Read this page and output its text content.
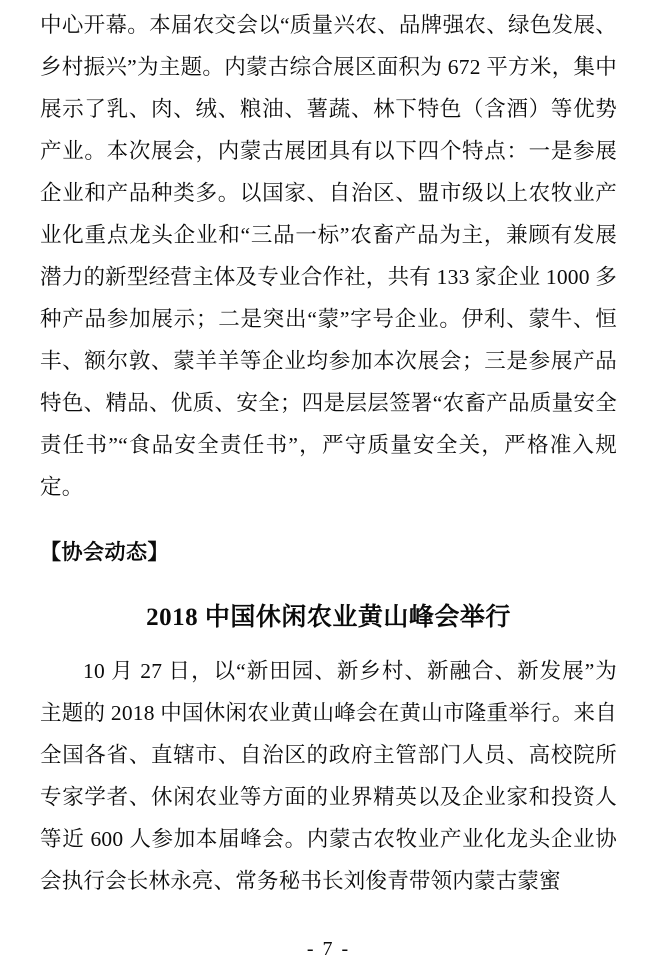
中心开幕。本届农交会以“质量兴农、品牌强农、绿色发展、乡村振兴”为主题。内蒙古综合展区面积为 672 平方米，集中展示了乳、肉、绒、粮油、薯蔬、林下特色（含酒）等优势产业。本次展会，内蒙古展团具有以下四个特点：一是参展企业和产品种类多。以国家、自治区、盟市级以上农牧业产业化重点龙头企业和“三品一标”农畜产品为主，兼顾有发展潜力的新型经营主体及专业合作社，共有 133 家企业 1000 多种产品参加展示；二是突出“蒙”字号企业。伊利、蒙牛、恒丰、额尔敦、蒙羊羊等企业均参加本次展会；三是参展产品特色、精品、优质、安全；四是层层签署“农畜产品质量安全责任书”“食品安全责任书”，严守质量安全关，严格准入规定。

【协会动态】

2018 中国休闲农业黄山峰会举行

10 月 27 日，以“新田园、新乡村、新融合、新发展”为主题的 2018 中国休闲农业黄山峰会在黄山市隆重举行。来自全国各省、直辖市、自治区的政府主管部门人员、高校院所专家学者、休闲农业等方面的业界精英以及企业家和投资人等近 600 人参加本届峰会。内蒙古农牧业产业化龙头企业协会执行会长林永亮、常务秘书长刘俊青带领内蒙古蒙蜜

- 7 -
